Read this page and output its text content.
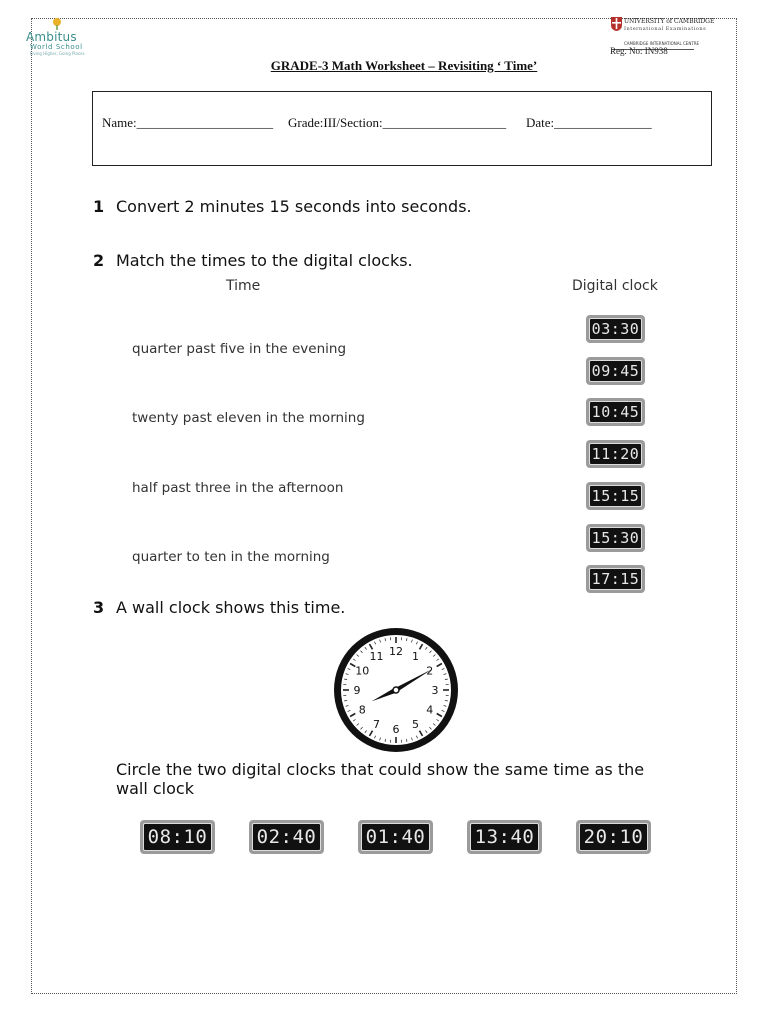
Ambitus
World School
Living Higher, Going Places
UNIVERSITY of CAMBRIDGE
International Examinations
CAMBRIDGE INTERNATIONAL CENTRE
Reg. No: IN938
GRADE-3 Math Worksheet – Revisiting ‘ Time’
Name:_____________________ Grade:III/Section:___________________ Date:_______________
1 Convert 2 minutes 15 seconds into seconds.
2 Match the times to the digital clocks.
Time	Digital clock
quarter past five in the evening
twenty past eleven in the morning
half past three in the afternoon
quarter to ten in the morning
03:30
09:45
10:45
11:20
15:15
15:30
17:15
3 A wall clock shows this time.
12 1
2
3
4
5
6
7
8
9
10
11
Circle the two digital clocks that could show the same time as the wall clock
08:10	02:40	01:40	13:40	20:10
